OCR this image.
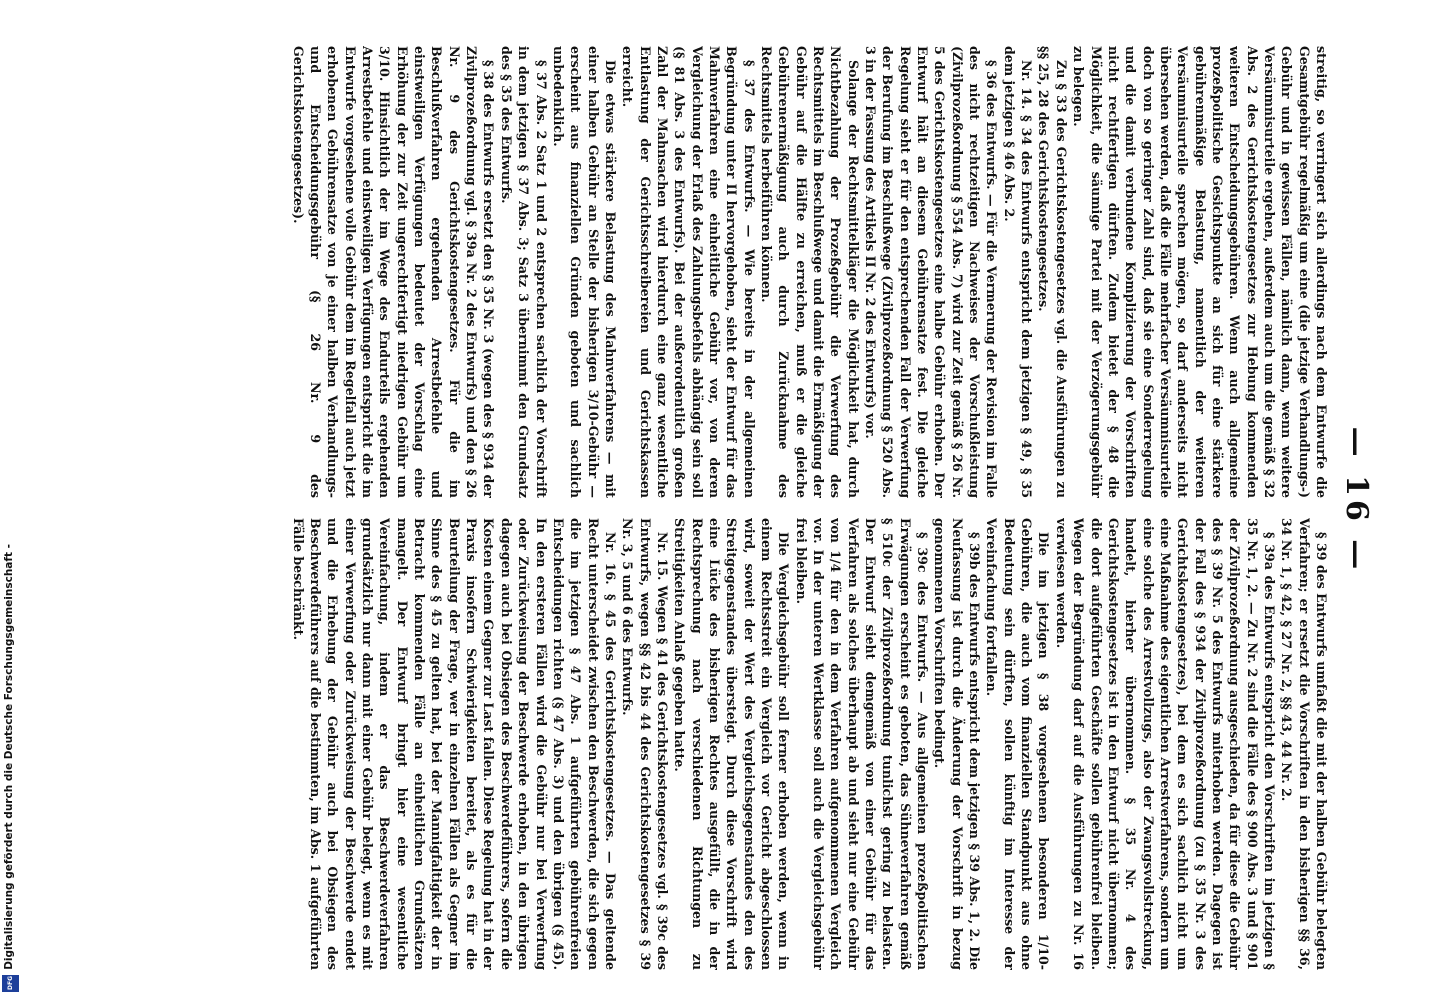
— 16 —

streitig, so verringert sich allerdings nach dem Entwurfe die Gesamtgebühr regelmäßig um eine (die jetzige Verhandlungs-) Gebühr und in gewissen Fällen, nämlich dann, wenn weitere Versäumnisurteile ergehen, außerdem auch um die gemäß § 32 Abs. 2 des Gerichtskostengesetzes zur Hebung kommenden weiteren Entscheidungsgebühren. Wenn auch allgemeine prozeßpolitische Gesichtspunkte an sich für eine stärkere gebührenmäßige Belastung, namentlich der weiteren Versäumnisurteile sprechen mögen, so darf anderseits nicht übersehen werden, daß die Fälle mehrfacher Versäumnisurteile doch von so geringer Zahl sind, daß sie eine Sonderregelung und die damit verbundene Komplizierung der Vorschriften nicht rechtfertigen dürften. Zudem bietet der § 48 die Möglichkeit, die säumige Partei mit der Verzögerungsgebühr zu belegen.

Zu § 33 des Gerichtskostengesetzes vgl. die Ausführungen zu §§ 25, 28 des Gerichtskostengesetzes.

Nr. 14. § 34 des Entwurfs entspricht dem jetzigen § 49, § 35 dem jetzigen § 46 Abs. 2.

§ 36 des Entwurfs. — Für die Vermerung der Revision im Falle des nicht rechtzeitigen Nachweises der Vorschußleistung (Zivilprozeßordnung § 554 Abs. 7) wird zur Zeit gemäß § 26 Nr. 5 des Gerichtskostengesetzes eine halbe Gebühr erhoben. Der Entwurf hält an diesem Gebührensatze fest. Die gleiche Regelung sieht er für den entsprechenden Fall der Verwerfung der Berufung im Beschlußwege (Zivilprozeßordnung § 520 Abs. 3 in der Fassung des Artikels II Nr. 2 des Entwurfs) vor.

Solange der Rechtsmittelkläger die Möglichkeit hat, durch Nichtbezahlung der Prozeßgebühr die Verwerfung des Rechtsmittels im Beschlußwege und damit die Ermäßigung der Gebühr auf die Hälfte zu erreichen, muß er die gleiche Gebührenermäßigung auch durch Zurücknahme des Rechtsmittels herbeiführen können.

§ 37 des Entwurfs. — Wie bereits in der allgemeinen Begründung unter II hervorgehoben, sieht der Entwurf für das Mahnverfahren eine einheitliche Gebühr vor, von deren Vergleichung der Erlaß des Zahlungsbefehls abhängig sein soll (§ 81 Abs. 3 des Entwurfs). Bei der außerordentlich großen Zahl der Mahnsachen wird hierdurch eine ganz wesentliche Entlastung der Gerichtsschreibereien und Gerichtskassen erreicht.

Die etwas stärkere Belastung des Mahnverfahrens — mit einer halben Gebühr an Stelle der bisherigen 3/10-Gebühr — erscheint aus finanziellen Gründen geboten und sachlich unbedenklich.

§ 37 Abs. 2 Satz 1 und 2 entsprechen sachlich der Vorschrift in dem jetzigen § 37 Abs. 3; Satz 3 übernimmt den Grundsatz des § 35 des Entwurfs.

§ 38 des Entwurfs ersetzt den § 35 Nr. 3 (wegen des § 934 der Zivilprozeßordnung vgl. § 39a Nr. 2 des Entwurfs) und den § 26 Nr. 9 des Gerichtskostengesetzes. Für die im Beschlußverfahren ergehenden Arrestbefehle und einstweiligen Verfügungen bedeutet der Vorschlag eine Erhöhung der zur Zeit ungerechtfertigt niedrigen Gebühr um 3/10. Hinsichtlich der im Wege des Endurteils ergehenden Arrestbefehle und einstweiligen Verfügungen entspricht die im Entwurfe vorgesehene volle Gebühr dem im Regelfall auch jetzt erhobenen Gebührensatze von je einer halben Verhandlungs- und Entscheidungsgebühr (§ 26 Nr. 9 des Gerichtskostengesetzes).

§ 39 des Entwurfs umfaßt die mit der halben Gebühr belegten Verfahren; er ersetzt die Vorschriften in den bisherigen §§ 36, 34 Nr. 1, § 42, § 27 Nr. 2, §§ 43, 44 Nr. 2.

§ 39a des Entwurfs entspricht den Vorschriften im jetzigen § 35 Nr. 1, 2. — Zu Nr. 2 sind die Fälle des § 900 Abs. 3 und § 901 der Zivilprozeßordnung ausgeschieden, da für diese die Gebühr des § 39 Nr. 5 des Entwurfs miterhoben werden. Dagegen ist der Fall des § 934 der Zivilprozeßordnung (zu § 35 Nr. 3 des Gerichtskostengesetzes), bei dem es sich sachlich nicht um eine Maßnahme des eigentlichen Arrestverfahrens, sondern um eine solche des Arrestvollzugs, also der Zwangsvollstreckung, handelt, hierher übernommen. § 35 Nr. 4 des Gerichtskostengesetzes ist in den Entwurf nicht übernommen; die dort aufgeführten Geschäfte sollen gebührenfrei bleiben. Wegen der Begründung darf auf die Ausführungen zu Nr. 16 verwiesen werden.

Die im jetzigen § 38 vorgesehenen besonderen 1/10-Gebühren, die auch vom finanziellen Standpunkt aus ohne Bedeutung sein dürften, sollen künftig im Interesse der Vereinfachung fortfallen.

§ 39b des Entwurfs entspricht dem jetzigen § 39 Abs. 1, 2. Die Neufassung ist durch die Änderung der Vorschrift in bezug genommenen Vorschriften bedingt.

§ 39c des Entwurfs. — Aus allgemeinen prozeßpolitischen Erwägungen erscheint es geboten, das Sühneverfahren gemäß § 510c der Zivilprozeßordnung tunlichst gering zu belasten. Der Entwurf sieht demgemäß von einer Gebühr für das Verfahren als solches überhaupt ab und sieht nur eine Gebühr von 1/4 für den in dem Verfahren aufgenommenen Vergleich vor. In der unteren Wertklasse soll auch die Vergleichsgebühr frei bleiben.

Die Vergleichsgebühr soll ferner erhoben werden, wenn in einem Rechtsstreit ein Vergleich vor Gericht abgeschlossen wird, soweit der Wert des Vergleichsgegenstandes den des Streitgegenstandes übersteigt. Durch diese Vorschrift wird eine Lücke des bisherigen Rechtes ausgefüllt, die in der Rechtsprechung nach verschiedenen Richtungen zu Streitigkeiten Anlaß gegeben hatte.

Nr. 15. Wegen § 41 des Gerichtskostengesetzes vgl. § 39c des Entwurfs, wegen §§ 42 bis 44 des Gerichtskostengesetzes § 39 Nr. 3, 5 und 6 des Entwurfs.

Nr. 16. § 45 des Gerichtskostengesetzes. — Das geltende Recht unterscheidet zwischen den Beschwerden, die sich gegen die im jetzigen § 47 Abs. 1 aufgeführten gebührenfreien Entscheidungen richten (§ 47 Abs. 3) und den übrigen (§ 45). In den ersteren Fällen wird die Gebühr nur bei Verwerfung oder Zurückweisung der Beschwerde erhoben, in den übrigen dagegen auch bei Obsiegen des Beschwerdeführers, sofern die Kosten einem Gegner zur Last fallen. Diese Regelung hat in der Praxis insofern Schwierigkeiten bereitet, als es für die Beurteilung der Frage, wer in einzelnen Fällen als Gegner im Sinne des § 45 zu gelten hat, bei der Mannigfaltigkeit der in Betracht kommenden Fälle an einheitlichen Grundsätzen mangelt. Der Entwurf bringt hier eine wesentliche Vereinfachung, indem er das Beschwerdeverfahren grundsätzlich nur dann mit einer Gebühr belegt, wenn es mit einer Verwerfung oder Zurückweisung der Beschwerde endet und die Erhebung der Gebühr auch bei Obsiegen des Beschwerdeführers auf die bestimmten, im Abs. 1 aufgeführten Fälle beschränkt.

Digitalisierung gefördert durch die Deutsche Forschungsgemeinschaft -
DFG
